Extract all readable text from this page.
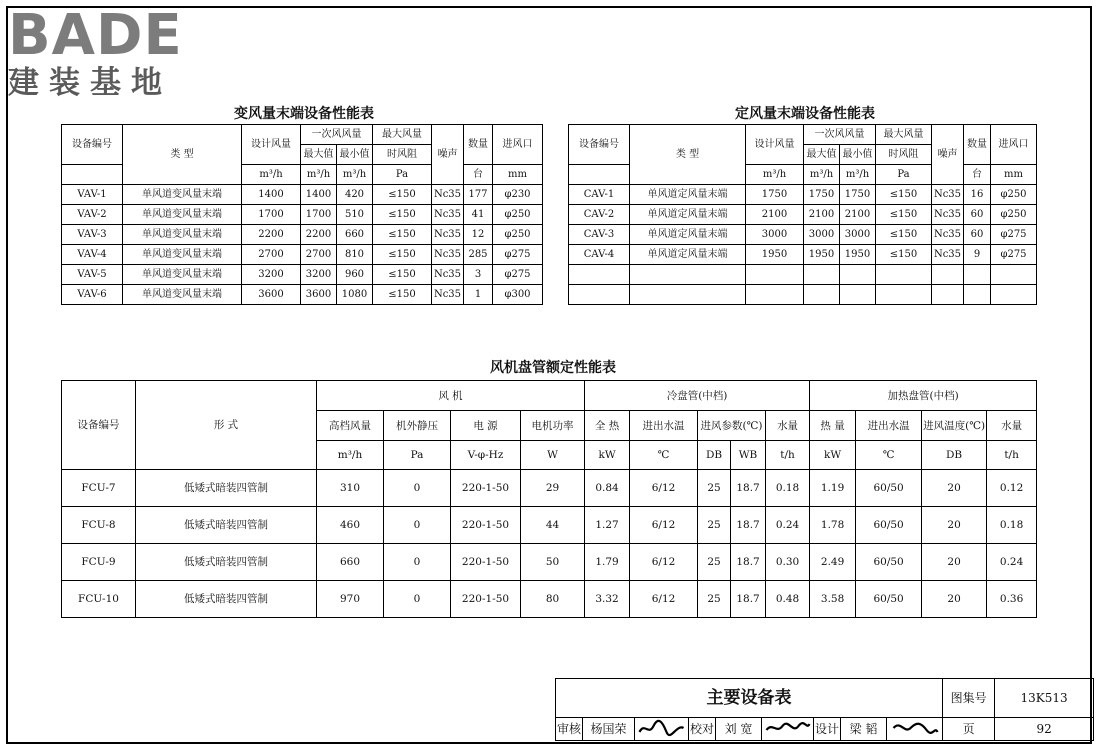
BADE
建装基地
变风量末端设备性能表
设备编号	类 型	设计风量	一次风风量		最大风量	噪声	数量	进风口
			最大值	最小值	时风阻			
		m³/h	m³/h	m³/h	Pa		台	mm
VAV-1	单风道变风量末端	1400	1400	420	≤150	Nc35	177	φ230
VAV-2	单风道变风量末端	1700	1700	510	≤150	Nc35	41	φ250
VAV-3	单风道变风量末端	2200	2200	660	≤150	Nc35	12	φ250
VAV-4	单风道变风量末端	2700	2700	810	≤150	Nc35	285	φ275
VAV-5	单风道变风量末端	3200	3200	960	≤150	Nc35	3	φ275
VAV-6	单风道变风量末端	3600	3600	1080	≤150	Nc35	1	φ300
定风量末端设备性能表
设备编号	类 型	设计风量	一次风风量		最大风量	噪声	数量	进风口
			最大值	最小值	时风阻			
		m³/h	m³/h	m³/h	Pa		台	mm
CAV-1	单风道定风量末端	1750	1750	1750	≤150	Nc35	16	φ250
CAV-2	单风道定风量末端	2100	2100	2100	≤150	Nc35	60	φ250
CAV-3	单风道定风量末端	3000	3000	3000	≤150	Nc35	60	φ275
CAV-4	单风道定风量末端	1950	1950	1950	≤150	Nc35	9	φ275

风机盘管额定性能表
设备编号	形 式	风 机				冷盘管(中档)					加热盘管(中档)			
		高档风量	机外静压	电 源	电机功率	全 热	进出水温	进风参数(℃)		水量	热 量	进出水温	进风温度(℃)	水量
		m³/h	Pa	V-φ-Hz	W	kW	℃	DB	WB	t/h	kW	℃	DB	t/h
FCU-7	低矮式暗装四管制	310	0	220-1-50	29	0.84	6/12	25	18.7	0.18	1.19	60/50	20	0.12
FCU-8	低矮式暗装四管制	460	0	220-1-50	44	1.27	6/12	25	18.7	0.24	1.78	60/50	20	0.18
FCU-9	低矮式暗装四管制	660	0	220-1-50	50	1.79	6/12	25	18.7	0.30	2.49	60/50	20	0.24
FCU-10	低矮式暗装四管制	970	0	220-1-50	80	3.32	6/12	25	18.7	0.48	3.58	60/50	20	0.36
主要设备表									图集号	13K513
审核	杨国荣		校对	刘 宽		设计	梁 韬		页	92
